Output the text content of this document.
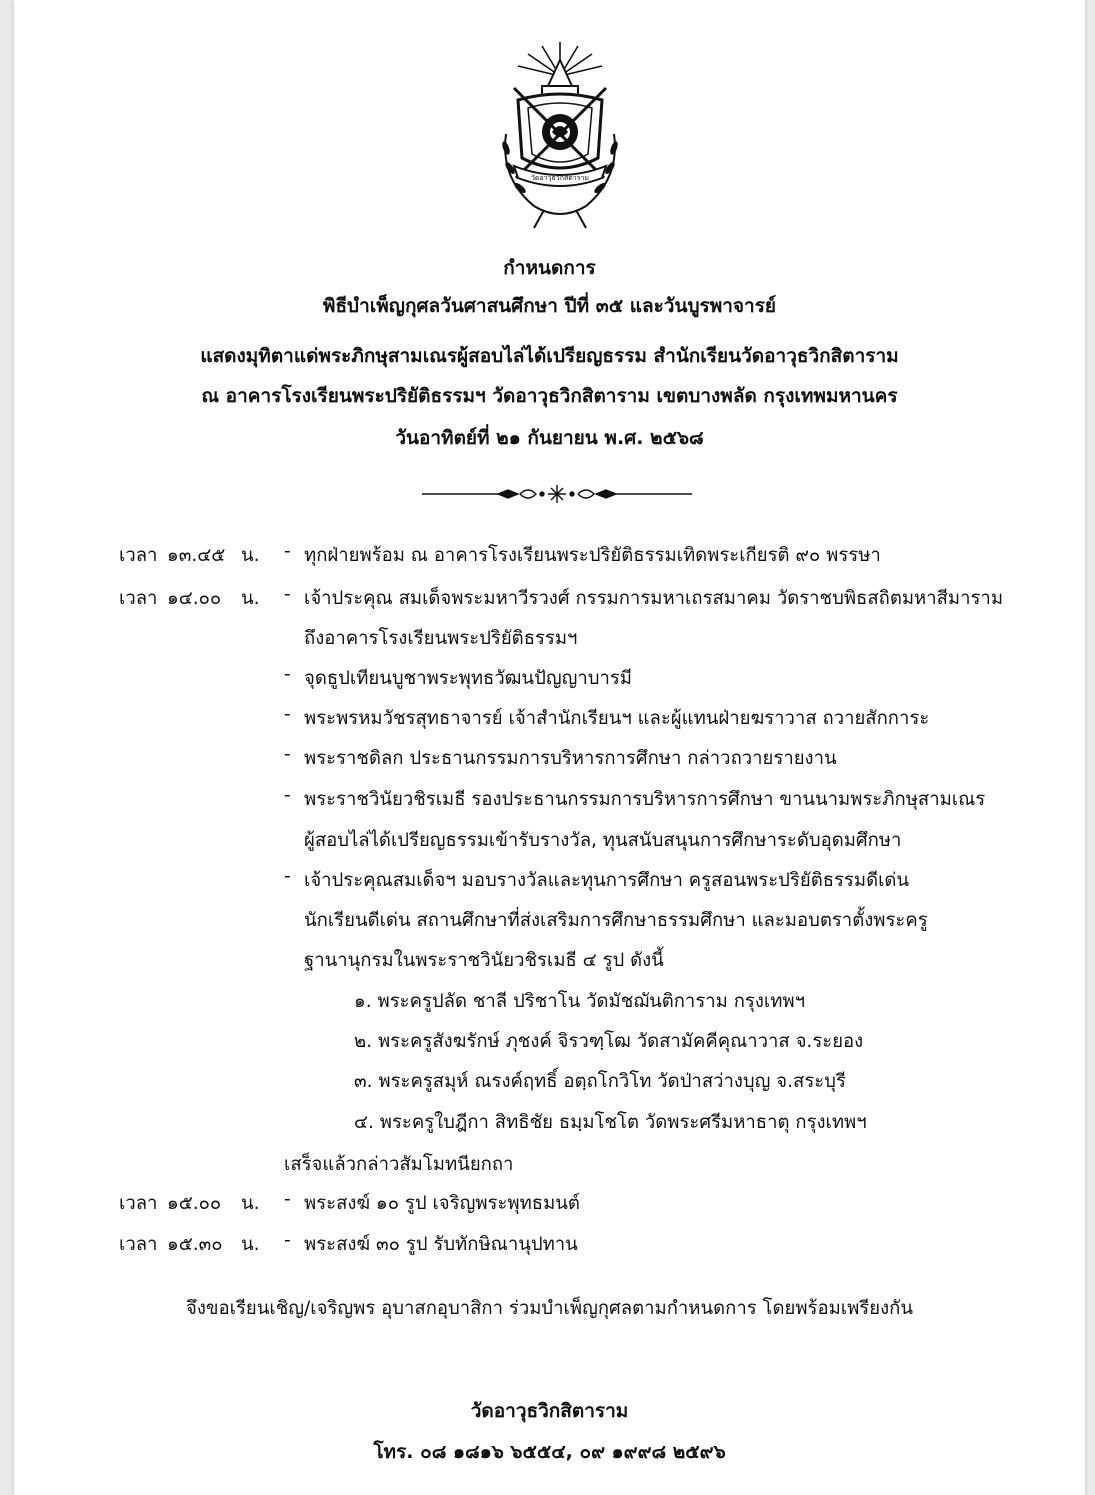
วัดอาวุธวิกสิตาราม
กำหนดการ
พิธีบำเพ็ญกุศลวันศาสนศึกษา ปีที่ ๓๕ และวันบูรพาจารย์
แสดงมุทิตาแด่พระภิกษุสามเณรผู้สอบไล่ได้เปรียญธรรม สำนักเรียนวัดอาวุธวิกสิตาราม
ณ อาคารโรงเรียนพระปริยัติธรรมฯ วัดอาวุธวิกสิตาราม เขตบางพลัด กรุงเทพมหานคร
วันอาทิตย์ที่ ๒๑ กันยายน พ.ศ. ๒๕๖๘
เวลา ๑๓.๔๕ น. - ทุกฝ่ายพร้อม ณ อาคารโรงเรียนพระปริยัติธรรมเทิดพระเกียรติ ๙๐ พรรษา
เวลา ๑๔.๐๐ น. - เจ้าประคุณ สมเด็จพระมหาวีรวงศ์ กรรมการมหาเถรสมาคม วัดราชบพิธสถิตมหาสีมาราม
ถึงอาคารโรงเรียนพระปริยัติธรรมฯ
- จุดธูปเทียนบูชาพระพุทธวัฒนปัญญาบารมี
- พระพรหมวัชรสุทธาจารย์ เจ้าสำนักเรียนฯ และผู้แทนฝ่ายฆราวาส ถวายสักการะ
- พระราชดิลก ประธานกรรมการบริหารการศึกษา กล่าวถวายรายงาน
- พระราชวินัยวชิรเมธี รองประธานกรรมการบริหารการศึกษา ขานนามพระภิกษุสามเณร
ผู้สอบไล่ได้เปรียญธรรมเข้ารับรางวัล, ทุนสนับสนุนการศึกษาระดับอุดมศึกษา
- เจ้าประคุณสมเด็จฯ มอบรางวัลและทุนการศึกษา ครูสอนพระปริยัติธรรมดีเด่น
นักเรียนดีเด่น สถานศึกษาที่ส่งเสริมการศึกษาธรรมศึกษา และมอบตราตั้งพระครู
ฐานานุกรมในพระราชวินัยวชิรเมธี ๔ รูป ดังนี้
๑. พระครูปลัด ชาลี ปริชาโน วัดมัชฌันติการาม กรุงเทพฯ
๒. พระครูสังฆรักษ์ ภุชงค์ จิรวฑฺโฒ วัดสามัคคีคุณาวาส จ.ระยอง
๓. พระครูสมุห์ ณรงค์ฤทธิ์ อตฺถโกวิโท วัดป่าสว่างบุญ จ.สระบุรี
๔. พระครูใบฎีกา สิทธิชัย ธมฺมโชโต วัดพระศรีมหาธาตุ กรุงเทพฯ
เสร็จแล้วกล่าวสัมโมทนียกถา
เวลา ๑๕.๐๐ น. - พระสงฆ์ ๑๐ รูป เจริญพระพุทธมนต์
เวลา ๑๕.๓๐ น. - พระสงฆ์ ๓๐ รูป รับทักษิณานุปทาน
จึงขอเรียนเชิญ/เจริญพร อุบาสกอุบาสิกา ร่วมบำเพ็ญกุศลตามกำหนดการ โดยพร้อมเพรียงกัน
วัดอาวุธวิกสิตาราม
โทร. ๐๘ ๑๘๑๖ ๖๕๕๔, ๐๙ ๑๙๙๘ ๒๕๙๖
